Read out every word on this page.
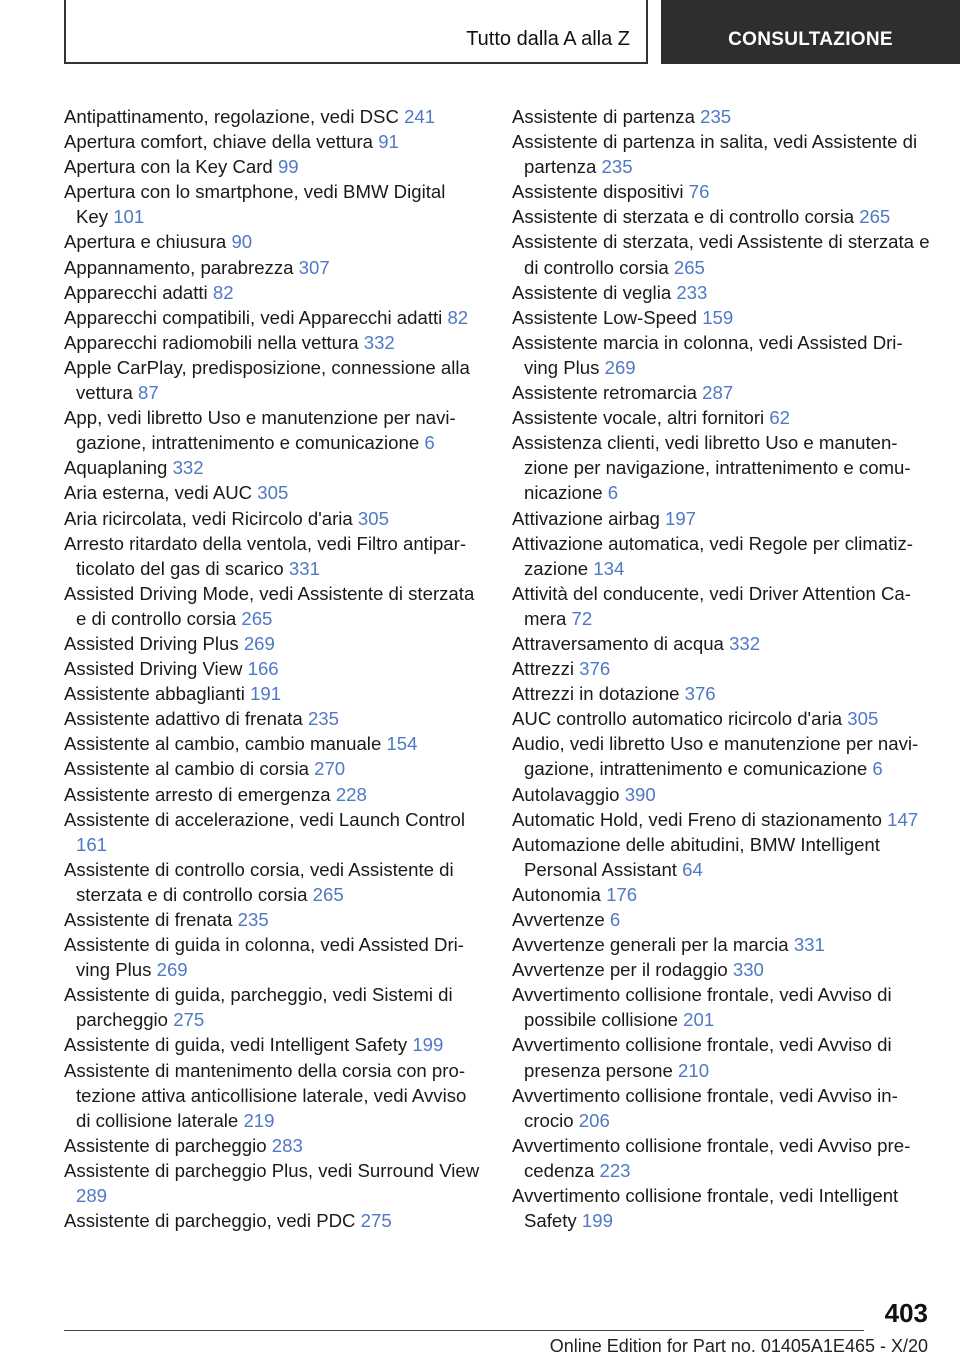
Tutto dalla A alla Z	CONSULTAZIONE
Antipattinamento, regolazione, vedi DSC 241
Apertura comfort, chiave della vettura 91
Apertura con la Key Card 99
Apertura con lo smartphone, vedi BMW Digital Key 101
Apertura e chiusura 90
Appannamento, parabrezza 307
Apparecchi adatti 82
Apparecchi compatibili, vedi Apparecchi adatti 82
Apparecchi radiomobili nella vettura 332
Apple CarPlay, predisposizione, connessione alla vettura 87
App, vedi libretto Uso e manutenzione per navigazione, intrattenimento e comunicazione 6
Aquaplaning 332
Aria esterna, vedi AUC 305
Aria ricircolata, vedi Ricircolo d'aria 305
Arresto ritardato della ventola, vedi Filtro antiparticolato del gas di scarico 331
Assisted Driving Mode, vedi Assistente di sterzata e di controllo corsia 265
Assisted Driving Plus 269
Assisted Driving View 166
Assistente abbaglianti 191
Assistente adattivo di frenata 235
Assistente al cambio, cambio manuale 154
Assistente al cambio di corsia 270
Assistente arresto di emergenza 228
Assistente di accelerazione, vedi Launch Control 161
Assistente di controllo corsia, vedi Assistente di sterzata e di controllo corsia 265
Assistente di frenata 235
Assistente di guida in colonna, vedi Assisted Driving Plus 269
Assistente di guida, parcheggio, vedi Sistemi di parcheggio 275
Assistente di guida, vedi Intelligent Safety 199
Assistente di mantenimento della corsia con protezione attiva anticollisione laterale, vedi Avviso di collisione laterale 219
Assistente di parcheggio 283
Assistente di parcheggio Plus, vedi Surround View 289
Assistente di parcheggio, vedi PDC 275
Assistente di partenza 235
Assistente di partenza in salita, vedi Assistente di partenza 235
Assistente dispositivi 76
Assistente di sterzata e di controllo corsia 265
Assistente di sterzata, vedi Assistente di sterzata e di controllo corsia 265
Assistente di veglia 233
Assistente Low-Speed 159
Assistente marcia in colonna, vedi Assisted Driving Plus 269
Assistente retromarcia 287
Assistente vocale, altri fornitori 62
Assistenza clienti, vedi libretto Uso e manutenzione per navigazione, intrattenimento e comunicazione 6
Attivazione airbag 197
Attivazione automatica, vedi Regole per climatizzazione 134
Attività del conducente, vedi Driver Attention Camera 72
Attraversamento di acqua 332
Attrezzi 376
Attrezzi in dotazione 376
AUC controllo automatico ricircolo d'aria 305
Audio, vedi libretto Uso e manutenzione per navigazione, intrattenimento e comunicazione 6
Autolavaggio 390
Automatic Hold, vedi Freno di stazionamento 147
Automazione delle abitudini, BMW Intelligent Personal Assistant 64
Autonomia 176
Avvertenze 6
Avvertenze generali per la marcia 331
Avvertenze per il rodaggio 330
Avvertimento collisione frontale, vedi Avviso di possibile collisione 201
Avvertimento collisione frontale, vedi Avviso di presenza persone 210
Avvertimento collisione frontale, vedi Avviso incrocio 206
Avvertimento collisione frontale, vedi Avviso precedenza 223
Avvertimento collisione frontale, vedi Intelligent Safety 199
403
Online Edition for Part no. 01405A1E465 - X/20
